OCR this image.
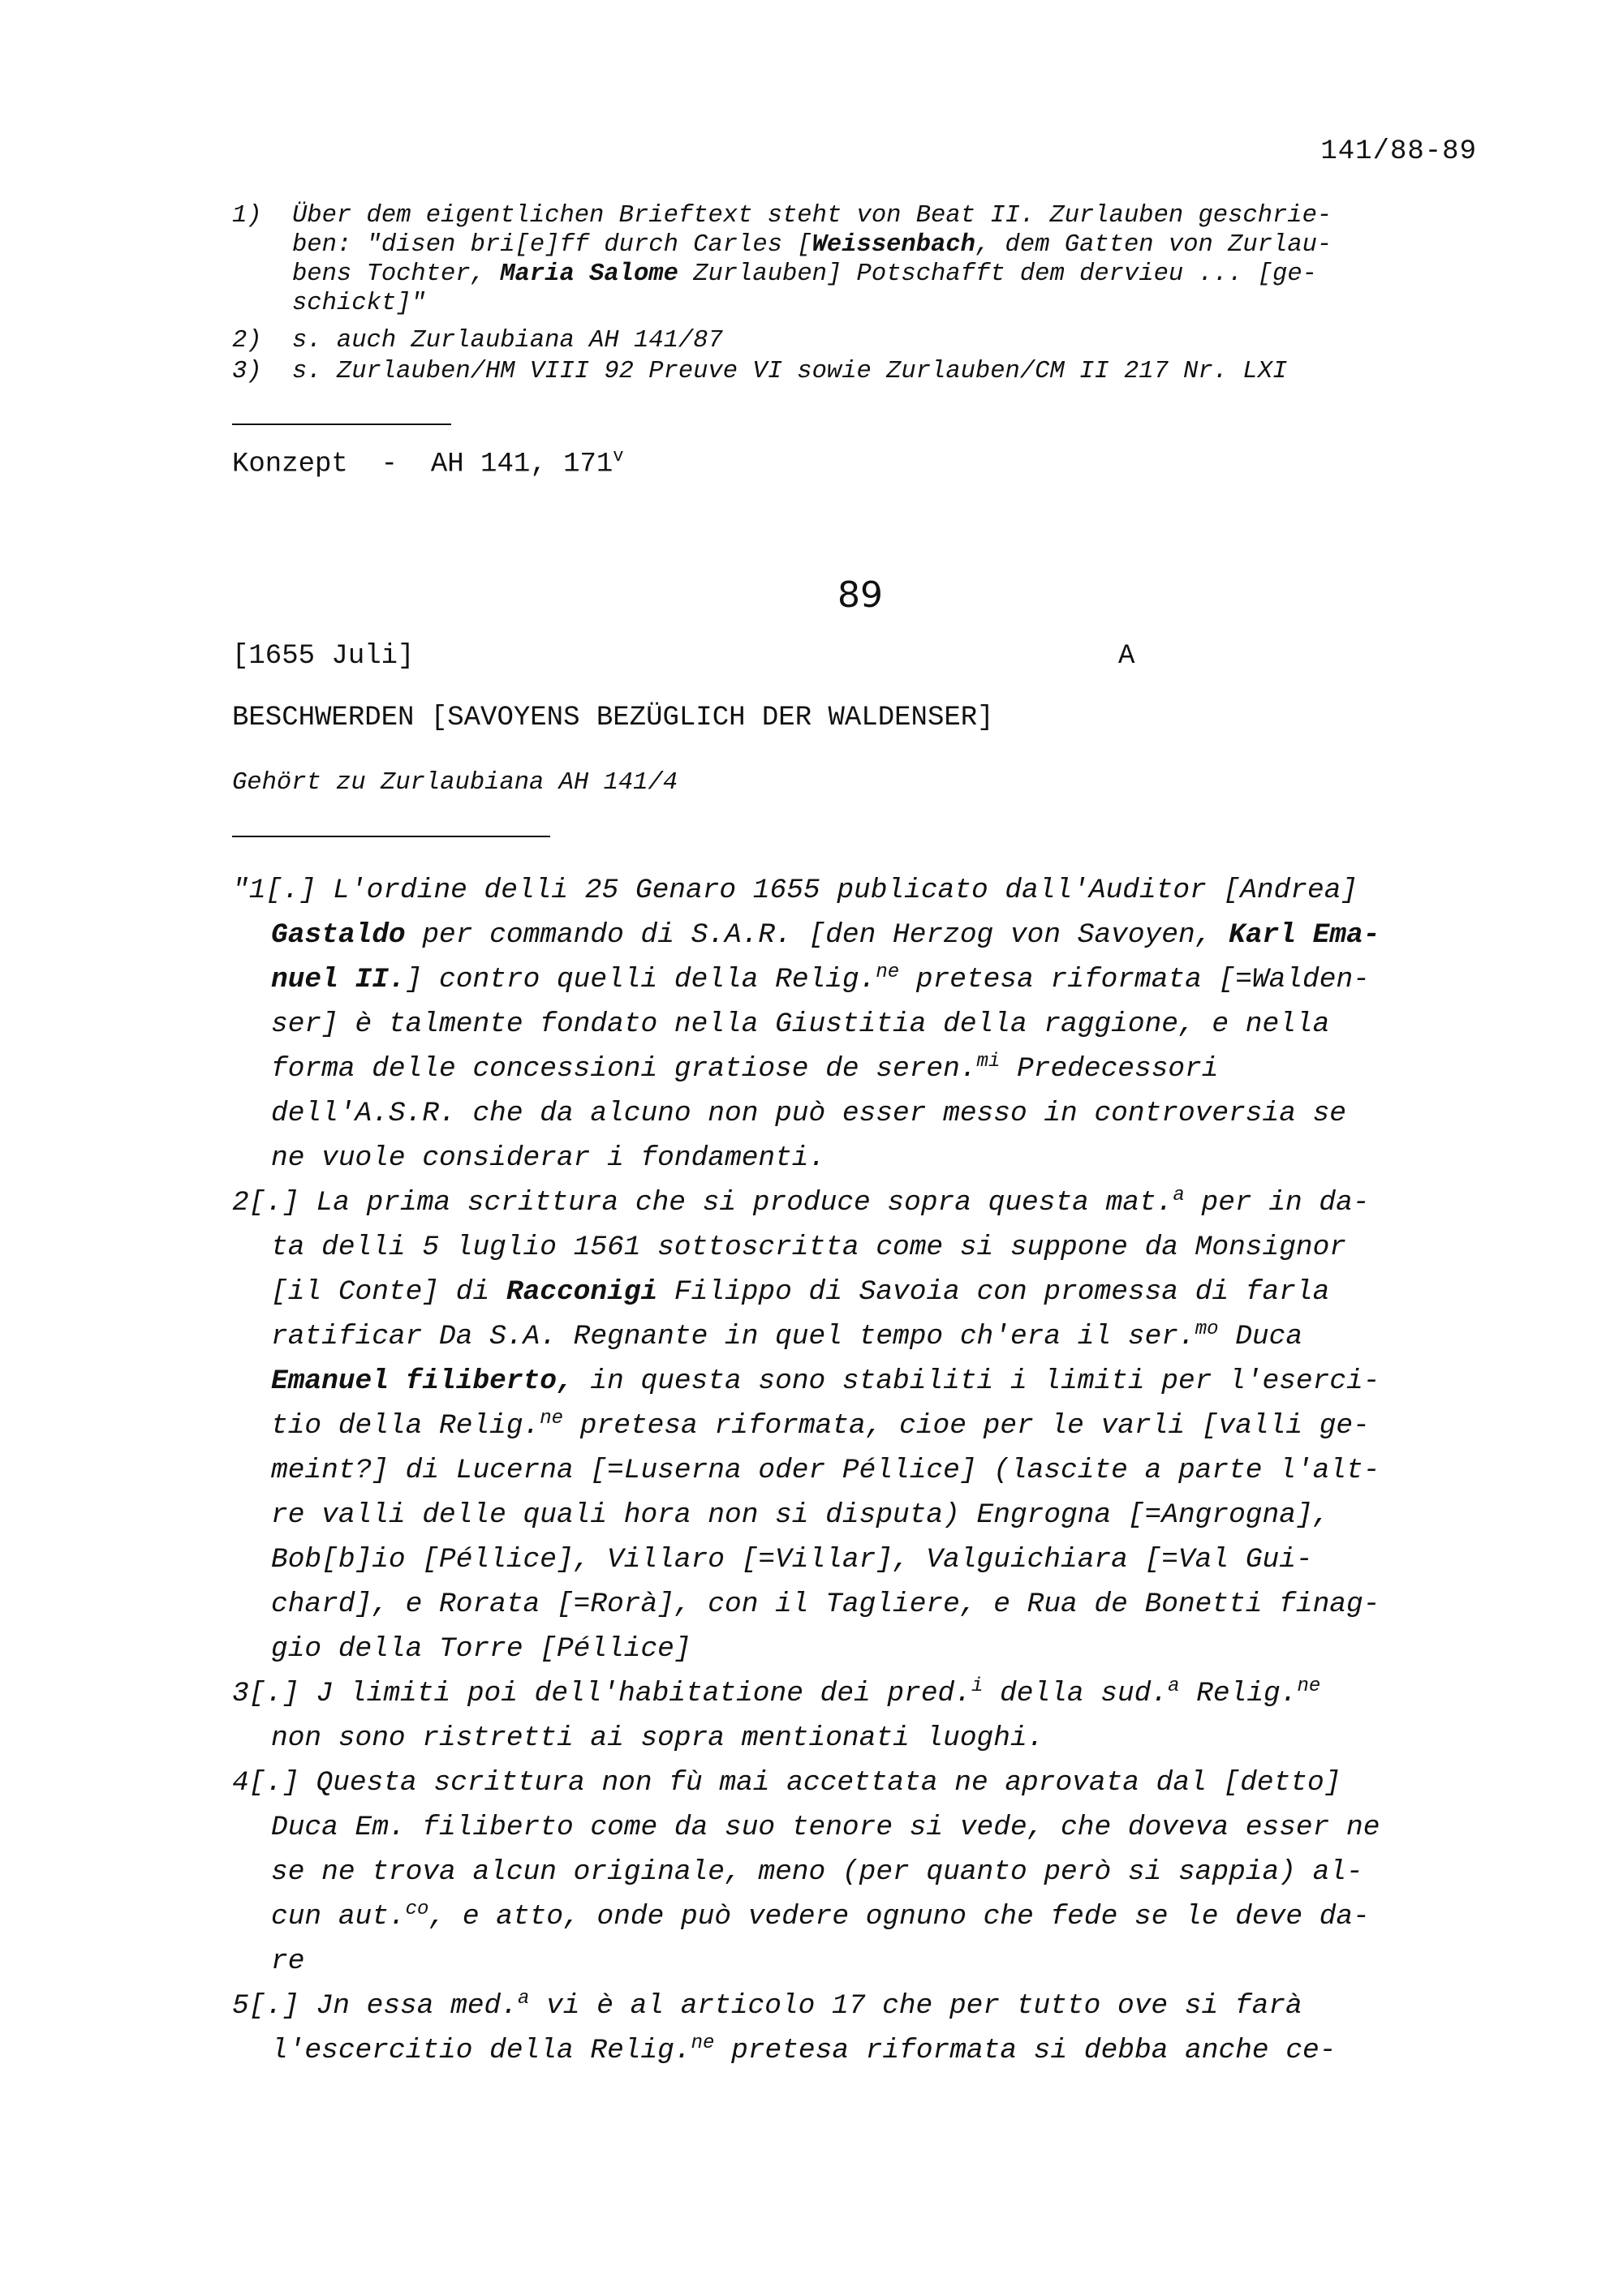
141/88-89
1)	Über dem eigentlichen Brieftext steht von Beat II. Zurlauben geschrie-
ben: "disen bri[e]ff durch Carles [Weissenbach, dem Gatten von Zurlau-
bens Tochter, Maria Salome Zurlauben] Potschafft dem dervieu ... [ge-
schickt]"
2)	s. auch Zurlaubiana AH 141/87
3)	s. Zurlauben/HM VIII 92 Preuve VI sowie Zurlauben/CM II 217 Nr. LXI
Konzept  -  AH 141, 171$^v$
89
[1655 Juli]	A
BESCHWERDEN [SAVOYENS BEZÜGLICH DER WALDENSER]
Gehört zu Zurlaubiana AH 141/4

"1[.] L'ordine delli 25 Genaro 1655 publicato dall'Auditor [Andrea]
Gastaldo per commando di S.A.R. [den Herzog von Savoyen, Karl Ema-
nuel II.] contro quelli della Relig.$^{ne}$ pretesa riformata [=Walden-
ser] è talmente fondato nella Giustitia della raggione, e nella
forma delle concessioni gratiose de seren.$^{mi}$ Predecessori
dell'A.S.R. che da alcuno non può esser messo in controversia se
ne vuole considerar i fondamenti.

2[.] La prima scrittura che si produce sopra questa mat.$^a$ per in da-
ta delli 5 luglio 1561 sottoscritta come si suppone da Monsignor
[il Conte] di Racconigi Filippo di Savoia con promessa di farla
ratificar Da S.A. Regnante in quel tempo ch'era il ser.$^{mo}$ Duca
Emanuel filiberto, in questa sono stabiliti i limiti per l'eserci-
tio della Relig.$^{ne}$ pretesa riformata, cioe per le varli [valli ge-
meint?] di Lucerna [=Luserna oder Péllice] (lascite a parte l'alt-
re valli delle quali hora non si disputa) Engrogna [=Angrogna],
Bob[b]io [Péllice], Villaro [=Villar], Valguichiara [=Val Gui-
chard], e Rorata [=Rorà], con il Tagliere, e Rua de Bonetti finag-
gio della Torre [Péllice]

3[.] J limiti poi dell'habitatione dei pred.$^i$ della sud.$^a$ Relig.$^{ne}$
non sono ristretti ai sopra mentionati luoghi.

4[.] Questa scrittura non fù mai accettata ne aprovata dal [detto]
Duca Em. filiberto come da suo tenore si vede, che doveva esser ne
se ne trova alcun originale, meno (per quanto però si sappia) al-
cun aut.$^{co}$, e atto, onde può vedere ognuno che fede se le deve da-
re

5[.] Jn essa med.$^a$ vi è al articolo 17 che per tutto ove si farà
l'escercitio della Relig.$^{ne}$ pretesa riformata si debba anche ce-
